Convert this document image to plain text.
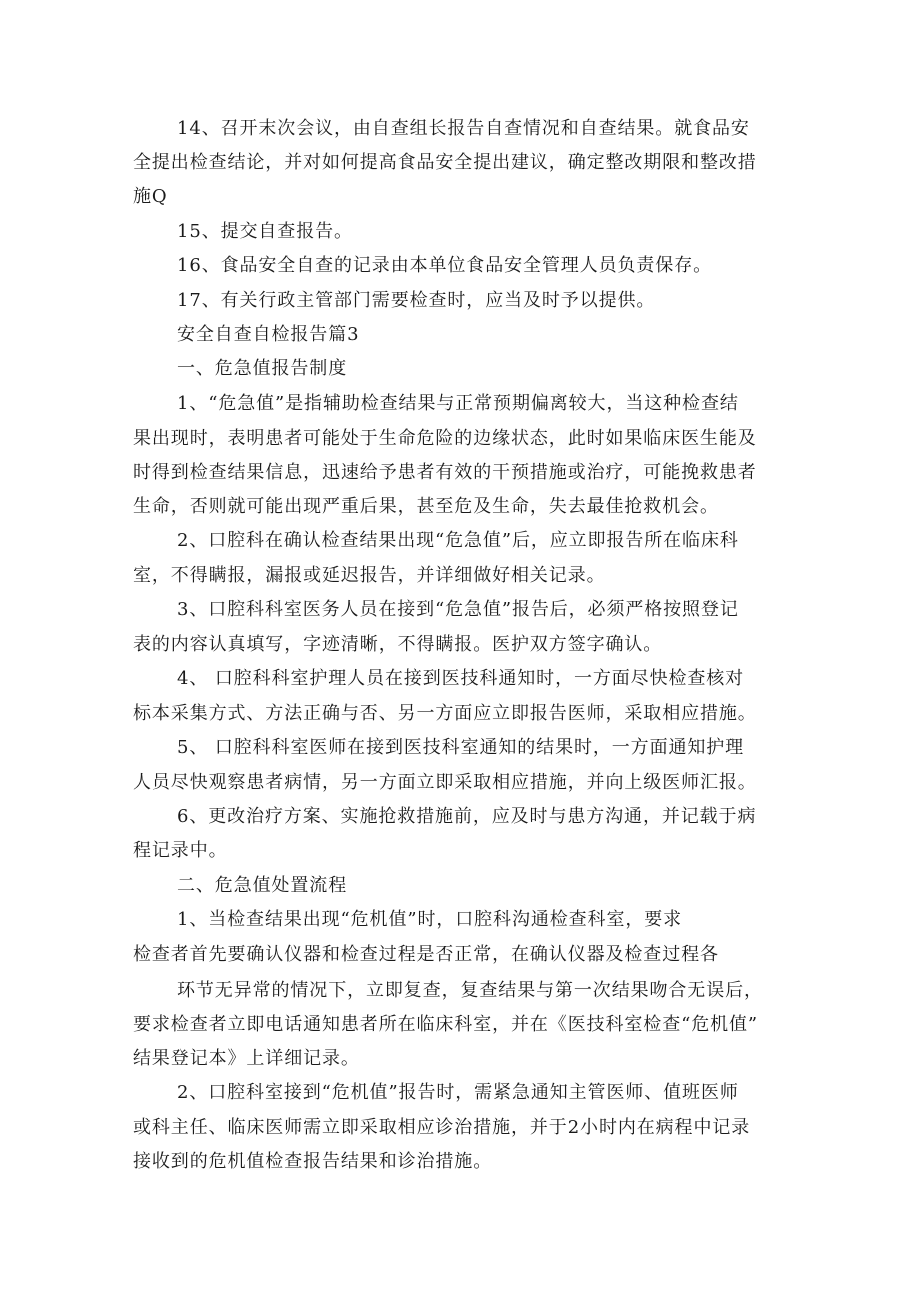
14、召开末次会议，由自查组长报告自查情况和自查结果。就食品安
全提出检查结论，并对如何提高食品安全提出建议，确定整改期限和整改措
施Q
15、提交自查报告。
16、食品安全自查的记录由本单位食品安全管理人员负责保存。
17、有关行政主管部门需要检查时，应当及时予以提供。
安全自查自检报告篇3
一、危急值报告制度
1、“危急值”是指辅助检查结果与正常预期偏离较大，当这种检查结
果出现时，表明患者可能处于生命危险的边缘状态，此时如果临床医生能及
时得到检查结果信息，迅速给予患者有效的干预措施或治疗，可能挽救患者
生命，否则就可能出现严重后果，甚至危及生命，失去最佳抢救机会。
2、口腔科在确认检查结果出现“危急值”后，应立即报告所在临床科
室，不得瞒报，漏报或延迟报告，并详细做好相关记录。
3、口腔科科室医务人员在接到“危急值”报告后，必须严格按照登记
表的内容认真填写，字迹清晰，不得瞒报。医护双方签字确认。
4、 口腔科科室护理人员在接到医技科通知时，一方面尽快检查核对
标本采集方式、方法正确与否、另一方面应立即报告医师，采取相应措施。
5、 口腔科科室医师在接到医技科室通知的结果时，一方面通知护理
人员尽快观察患者病情，另一方面立即采取相应措施，并向上级医师汇报。
6、更改治疗方案、实施抢救措施前，应及时与患方沟通，并记载于病
程记录中。
二、危急值处置流程
1、当检查结果出现“危机值”时，口腔科沟通检查科室，要求
检查者首先要确认仪器和检查过程是否正常，在确认仪器及检查过程各
环节无异常的情况下，立即复查，复查结果与第一次结果吻合无误后，
要求检查者立即电话通知患者所在临床科室，并在《医技科室检查“危机值”
结果登记本》上详细记录。
2、口腔科室接到“危机值”报告时，需紧急通知主管医师、值班医师
或科主任、临床医师需立即采取相应诊治措施，并于2小时内在病程中记录
接收到的危机值检查报告结果和诊治措施。
